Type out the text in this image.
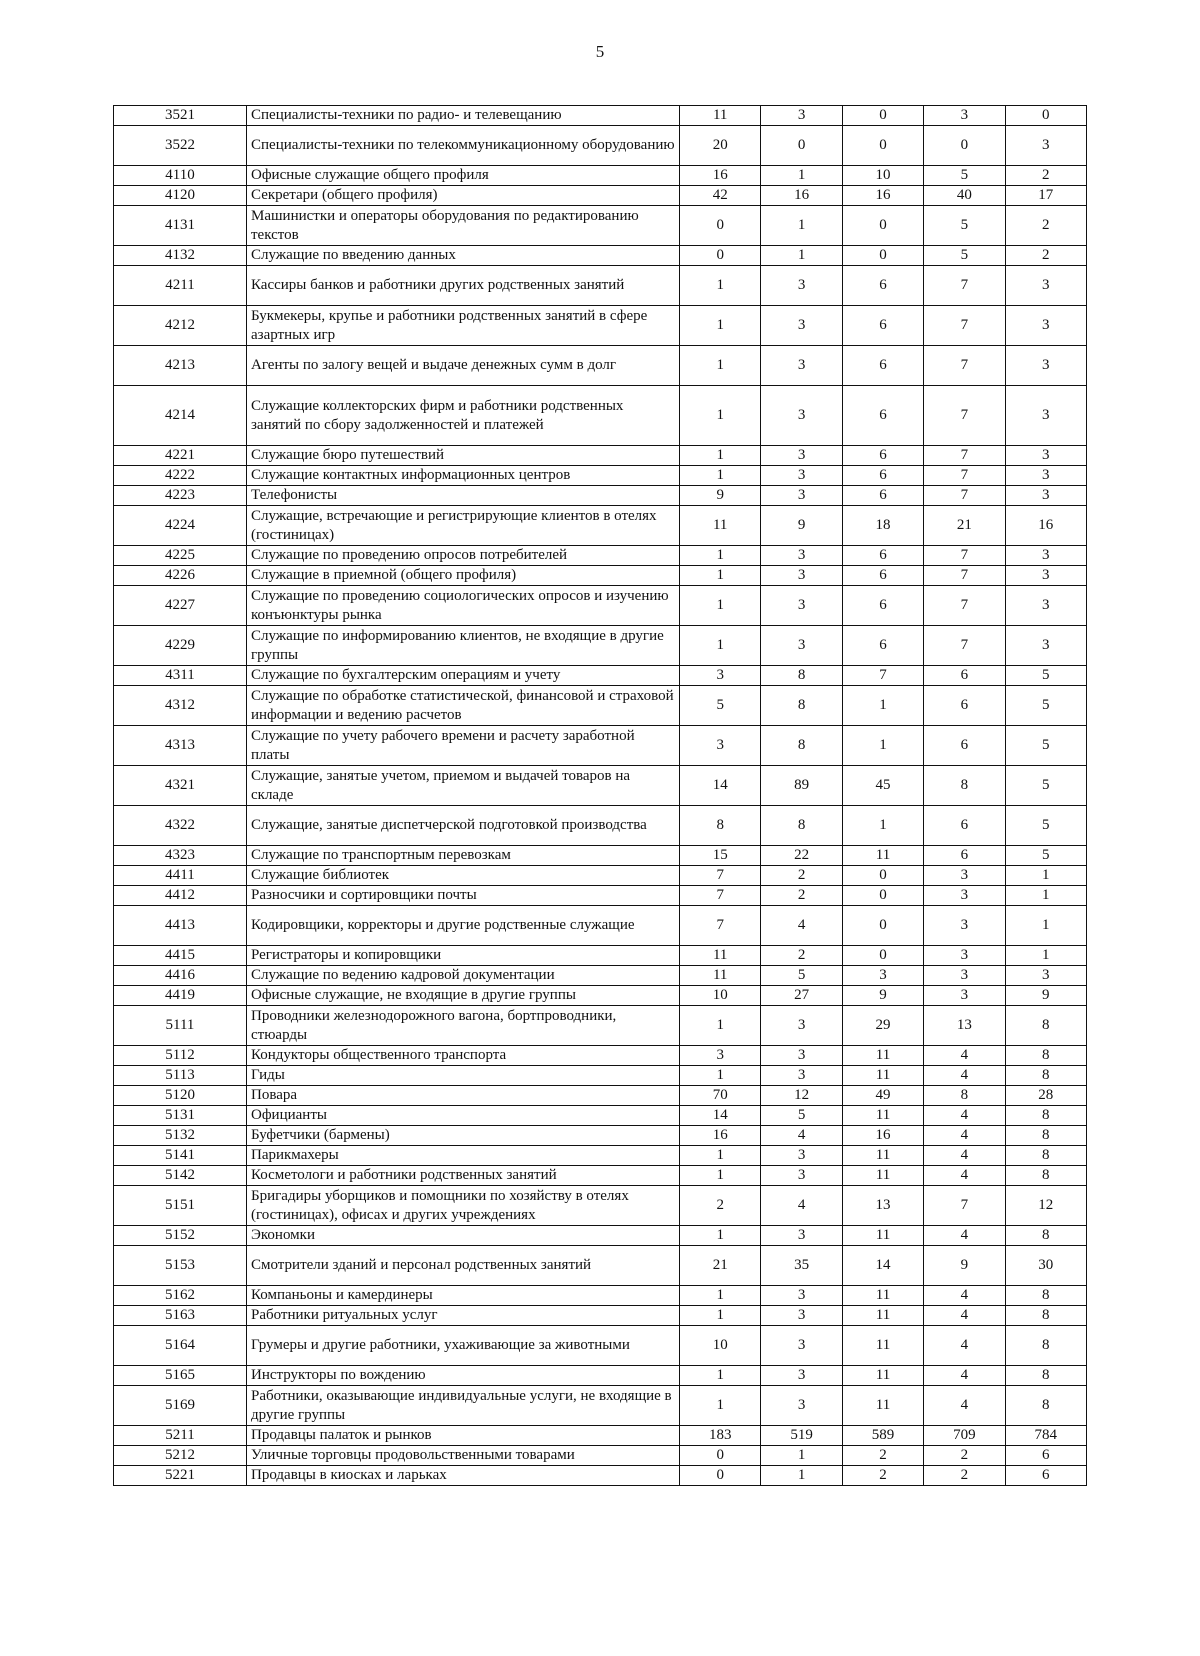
5
3521	Специалисты-техники по радио- и телевещанию	11	3	0	3	0
3522	Специалисты-техники по телекоммуникационному оборудованию	20	0	0	0	3
4110	Офисные служащие общего профиля	16	1	10	5	2
4120	Секретари (общего профиля)	42	16	16	40	17
4131	Машинистки и операторы оборудования по редактированию текстов	0	1	0	5	2
4132	Служащие по введению данных	0	1	0	5	2
4211	Кассиры банков и работники других родственных занятий	1	3	6	7	3
4212	Букмекеры, крупье и работники родственных занятий в сфере азартных игр	1	3	6	7	3
4213	Агенты по залогу вещей и выдаче денежных сумм в долг	1	3	6	7	3
4214	Служащие коллекторских фирм и работники родственных занятий по сбору задолженностей и платежей	1	3	6	7	3
4221	Служащие бюро путешествий	1	3	6	7	3
4222	Служащие контактных информационных центров	1	3	6	7	3
4223	Телефонисты	9	3	6	7	3
4224	Служащие, встречающие и регистрирующие клиентов в отелях (гостиницах)	11	9	18	21	16
4225	Служащие по проведению опросов потребителей	1	3	6	7	3
4226	Служащие в приемной (общего профиля)	1	3	6	7	3
4227	Служащие по проведению социологических опросов и изучению конъюнктуры рынка	1	3	6	7	3
4229	Служащие по информированию клиентов, не входящие в другие группы	1	3	6	7	3
4311	Служащие по бухгалтерским операциям и учету	3	8	7	6	5
4312	Служащие по обработке статистической, финансовой и страховой информации и ведению расчетов	5	8	1	6	5
4313	Служащие по учету рабочего времени и расчету заработной платы	3	8	1	6	5
4321	Служащие, занятые учетом, приемом и выдачей товаров на складе	14	89	45	8	5
4322	Служащие, занятые диспетчерской подготовкой производства	8	8	1	6	5
4323	Служащие по транспортным перевозкам	15	22	11	6	5
4411	Служащие библиотек	7	2	0	3	1
4412	Разносчики и сортировщики почты	7	2	0	3	1
4413	Кодировщики, корректоры и другие родственные служащие	7	4	0	3	1
4415	Регистраторы и копировщики	11	2	0	3	1
4416	Служащие по ведению кадровой документации	11	5	3	3	3
4419	Офисные служащие, не входящие в другие группы	10	27	9	3	9
5111	Проводники железнодорожного вагона, бортпроводники, стюарды	1	3	29	13	8
5112	Кондукторы общественного транспорта	3	3	11	4	8
5113	Гиды	1	3	11	4	8
5120	Повара	70	12	49	8	28
5131	Официанты	14	5	11	4	8
5132	Буфетчики (бармены)	16	4	16	4	8
5141	Парикмахеры	1	3	11	4	8
5142	Косметологи и работники родственных занятий	1	3	11	4	8
5151	Бригадиры уборщиков и помощники по хозяйству в отелях (гостиницах), офисах и других учреждениях	2	4	13	7	12
5152	Экономки	1	3	11	4	8
5153	Смотрители зданий и персонал родственных занятий	21	35	14	9	30
5162	Компаньоны и камердинеры	1	3	11	4	8
5163	Работники ритуальных услуг	1	3	11	4	8
5164	Грумеры и другие работники, ухаживающие за животными	10	3	11	4	8
5165	Инструкторы по вождению	1	3	11	4	8
5169	Работники, оказывающие индивидуальные услуги, не входящие в другие группы	1	3	11	4	8
5211	Продавцы палаток и рынков	183	519	589	709	784
5212	Уличные торговцы продовольственными товарами	0	1	2	2	6
5221	Продавцы в киосках и ларьках	0	1	2	2	6
